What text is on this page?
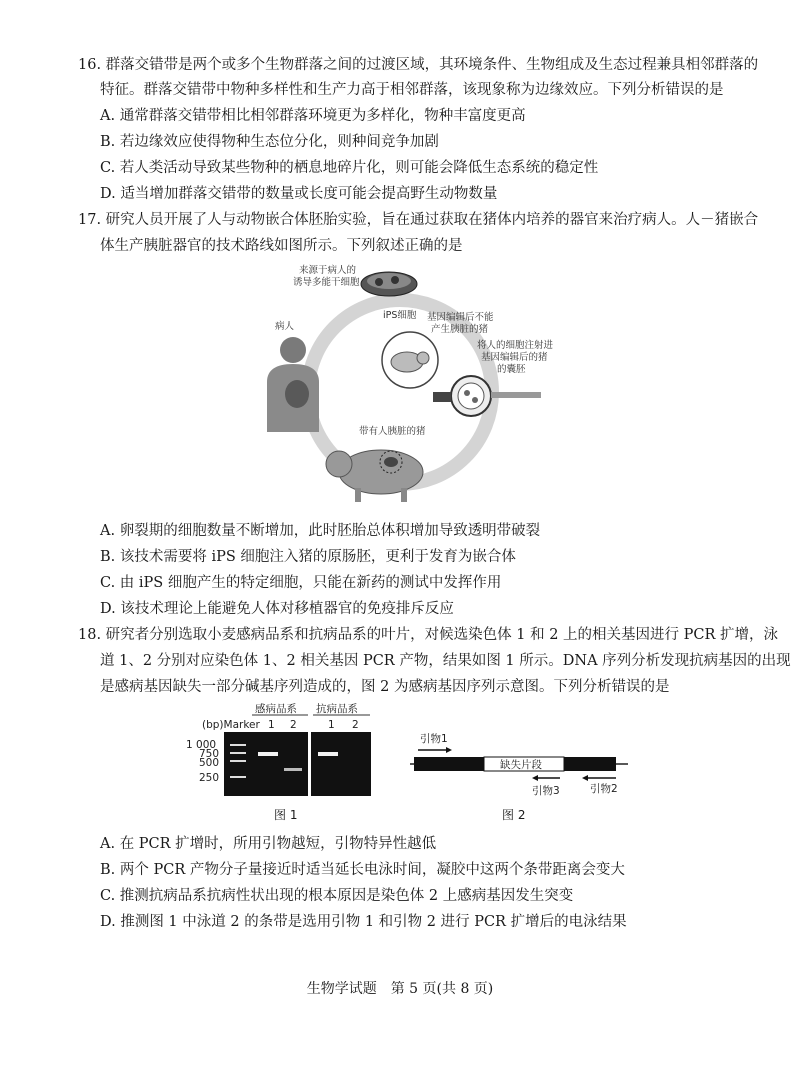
16. 群落交错带是两个或多个生物群落之间的过渡区域，其环境条件、生物组成及生态过程兼具相邻群落的
特征。群落交错带中物种多样性和生产力高于相邻群落，该现象称为边缘效应。下列分析错误的是
A. 通常群落交错带相比相邻群落环境更为多样化，物种丰富度更高
B. 若边缘效应使得物种生态位分化，则种间竞争加剧
C. 若人类活动导致某些物种的栖息地碎片化，则可能会降低生态系统的稳定性
D. 适当增加群落交错带的数量或长度可能会提高野生动物数量
17. 研究人员开展了人与动物嵌合体胚胎实验，旨在通过获取在猪体内培养的器官来治疗病人。人－猪嵌合
体生产胰脏器官的技术路线如图所示。下列叙述正确的是
来源于病人的
诱导多能干细胞
iPS细胞
病人
基因编辑后不能
产生胰脏的猪
将人的细胞注射进
基因编辑后的猪
的囊胚
带有人胰脏的猪
A. 卵裂期的细胞数量不断增加，此时胚胎总体积增加导致透明带破裂
B. 该技术需要将 iPS 细胞注入猪的原肠胚，更利于发育为嵌合体
C. 由 iPS 细胞产生的特定细胞，只能在新药的测试中发挥作用
D. 该技术理论上能避免人体对移植器官的免疫排斥反应
18. 研究者分别选取小麦感病品系和抗病品系的叶片，对候选染色体 1 和 2 上的相关基因进行 PCR 扩增，泳
道 1、2 分别对应染色体 1、2 相关基因 PCR 产物，结果如图 1 所示。DNA 序列分析发现抗病基因的出现
是感病基因缺失一部分碱基序列造成的，图 2 为感病基因序列示意图。下列分析错误的是
感病品系 抗病品系
(bp)Marker 1 2	1 2
1 000
750
500
250
图 1
缺失片段
引物1
引物3	引物2
图 2
A. 在 PCR 扩增时，所用引物越短，引物特异性越低
B. 两个 PCR 产物分子量接近时适当延长电泳时间，凝胶中这两个条带距离会变大
C. 推测抗病品系抗病性状出现的根本原因是染色体 2 上感病基因发生突变
D. 推测图 1 中泳道 2 的条带是选用引物 1 和引物 2 进行 PCR 扩增后的电泳结果
生物学试题　第 5 页(共 8 页)
